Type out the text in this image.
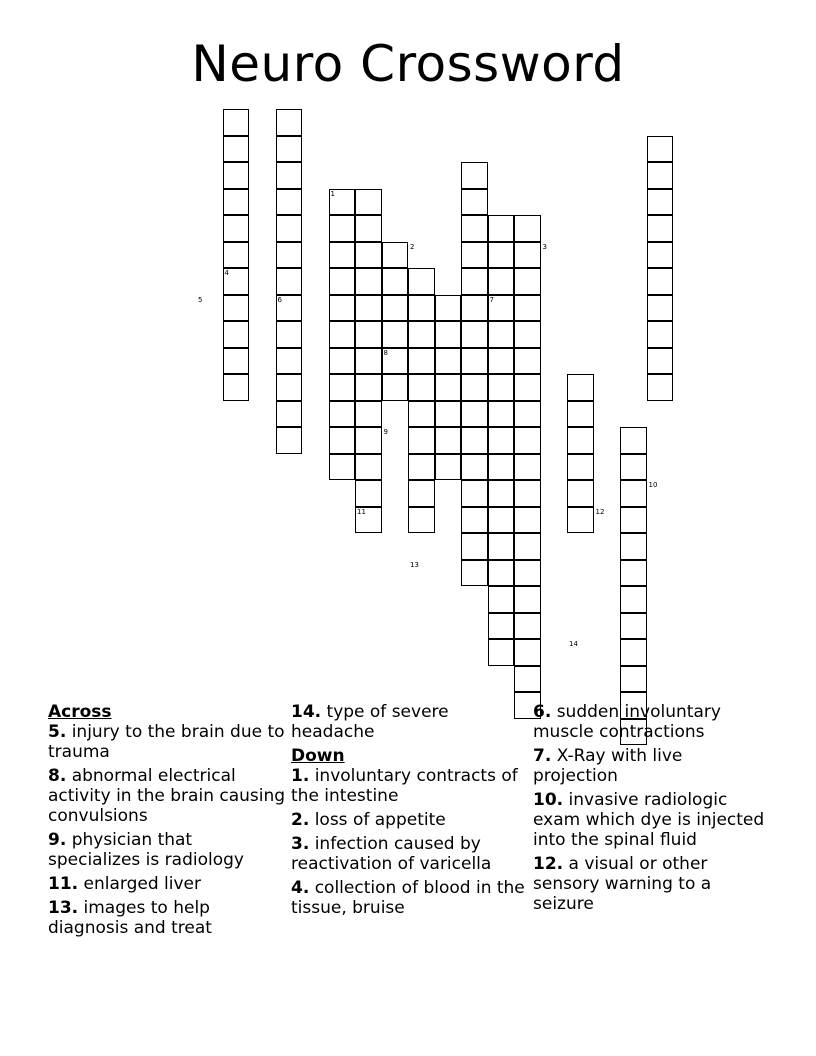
Neuro Crossword
1
2	3
4
5	6	7
8
9
10
11	12
13
14

Across

5. injury to the brain due to trauma

8. abnormal electrical activity in the brain causing convulsions

9. physician that specializes is radiology

11. enlarged liver

13. images to help diagnosis and treat

14. type of severe headache

Down

1. involuntary contracts of the intestine

2. loss of appetite

3. infection caused by reactivation of varicella

4. collection of blood in the tissue, bruise

6. sudden involuntary muscle contractions

7. X-Ray with live projection

10. invasive radiologic exam which dye is injected into the spinal fluid

12. a visual or other sensory warning to a seizure
